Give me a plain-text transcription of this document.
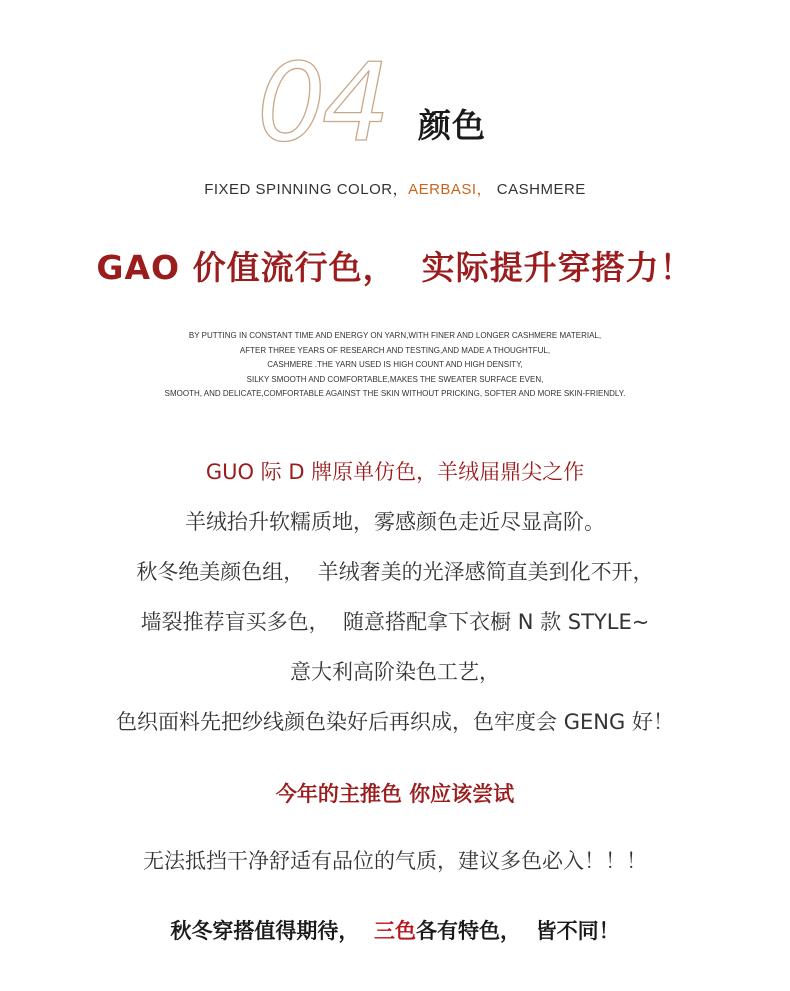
04 颜色
FIXED SPINNING COLOR，AERBASI， CASHMERE
GAO 价值流行色，  实际提升穿搭力！
BY PUTTING IN CONSTANT TIME AND ENERGY ON YARN,WITH FINER AND LONGER CASHMERE MATERIAL,
AFTER THREE YEARS OF RESEARCH AND TESTING,AND MADE A THOUGHTFUL,
CASHMERE .THE YARN USED IS HIGH COUNT AND HIGH DENSITY,
SILKY SMOOTH AND COMFORTABLE,MAKES THE SWEATER SURFACE EVEN,
SMOOTH, AND DELICATE,COMFORTABLE AGAINST THE SKIN WITHOUT PRICKING, SOFTER AND MORE SKIN-FRIENDLY.
GUO 际 D 牌原单仿色，羊绒届鼎尖之作
羊绒抬升软糯质地，雾感颜色走近尽显高阶。
秋冬绝美颜色组，  羊绒奢美的光泽感简直美到化不开，
墙裂推荐盲买多色，  随意搭配拿下衣橱 N 款 STYLE~
意大利高阶染色工艺，
色织面料先把纱线颜色染好后再织成，色牢度会 GENG 好！
今年的主推色 你应该尝试
无法抵挡干净舒适有品位的气质，建议多色必入！！！
秋冬穿搭值得期待，  三色各有特色，  皆不同！
